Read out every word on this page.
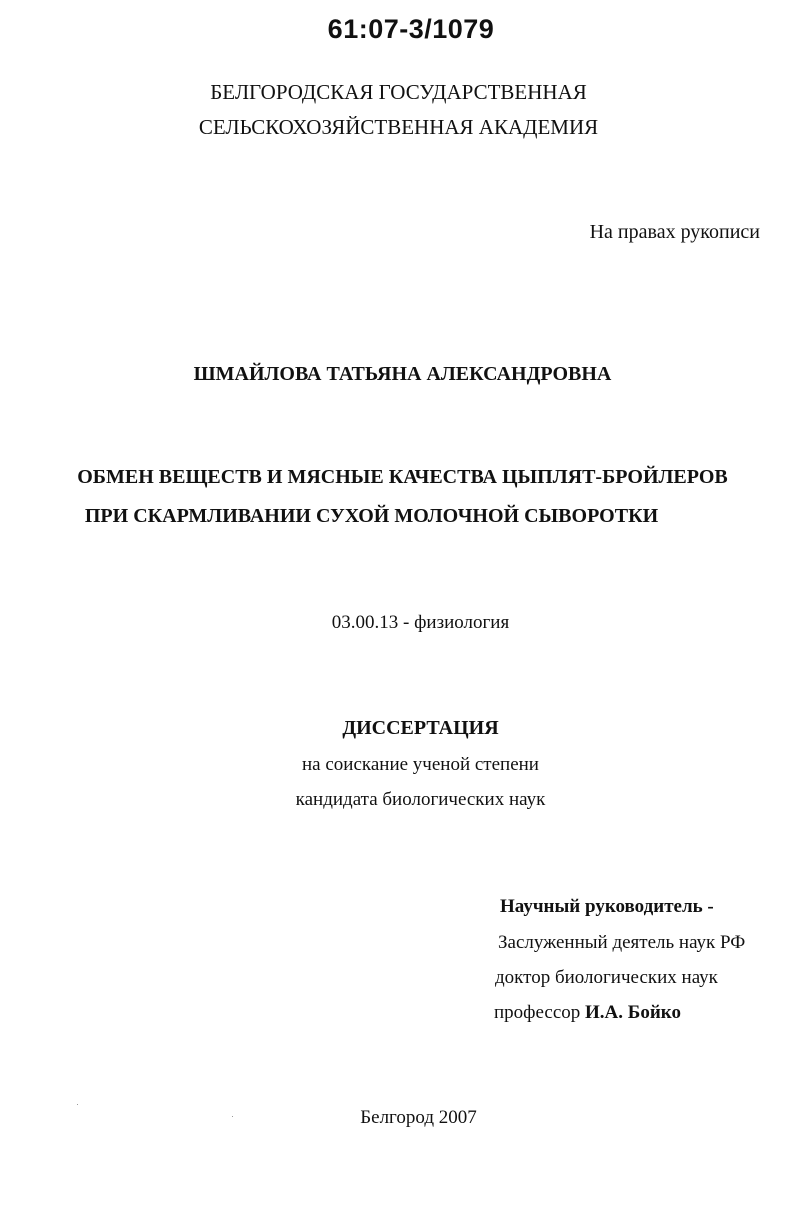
61:07-3/1079
БЕЛГОРОДСКАЯ ГОСУДАРСТВЕННАЯ
СЕЛЬСКОХОЗЯЙСТВЕННАЯ АКАДЕМИЯ
На правах рукописи
ШМАЙЛОВА ТАТЬЯНА АЛЕКСАНДРОВНА
ОБМЕН ВЕЩЕСТВ И МЯСНЫЕ КАЧЕСТВА ЦЫПЛЯТ-БРОЙЛЕРОВ
ПРИ СКАРМЛИВАНИИ СУХОЙ МОЛОЧНОЙ СЫВОРОТКИ
03.00.13 - физиология
ДИССЕРТАЦИЯ
на соискание ученой степени
кандидата биологических наук
Научный руководитель -
Заслуженный деятель наук РФ
доктор биологических наук
профессор И.А. Бойко
Белгород 2007
